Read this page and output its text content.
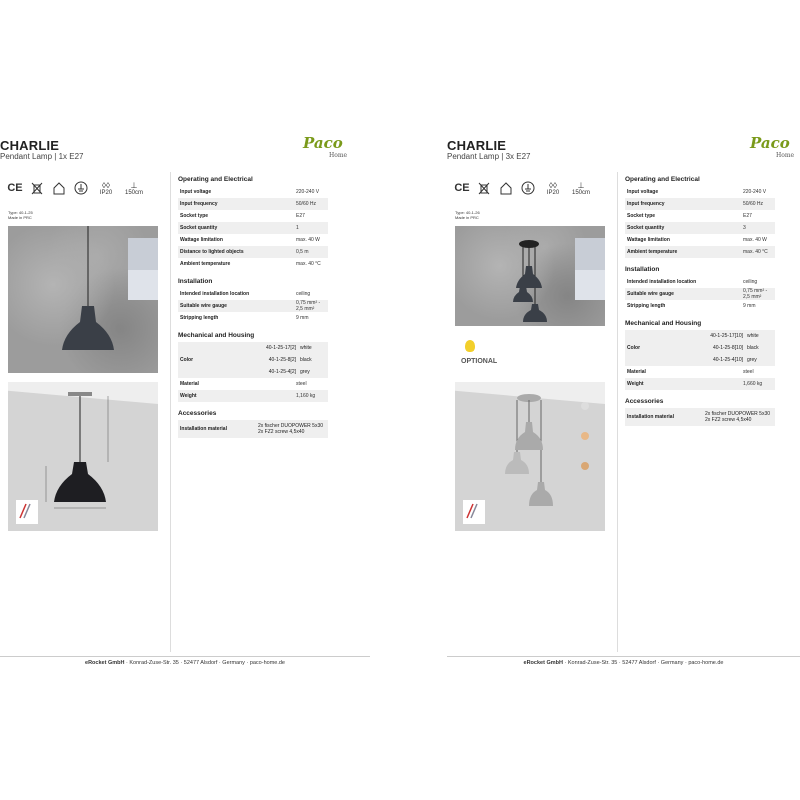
CHARLIE
Pendant Lamp | 1x E27
Paco
Home
CE	◊◊
IP20
⊥
150cm
Type: 40-1-25
Made in PRC
Operating and Electrical
Input voltage	220-240 V
Input frequency	50/60 Hz
Socket type	E27
Socket quantity	1
Wattage limitation	max. 40 W
Distance to lighted objects	0,5 m
Ambient temperature	max. 40 °C
Installation
Intended installation location	ceiling
Suitable wire gauge	0,75 mm² - 2,5 mm²
Stripping length	9 mm
Mechanical and Housing
Color
40-1-25-17[2] white
40-1-25-8[2] black
40-1-25-4[2] grey
Material	steel
Weight	1,160 kg
Accessories
Installation material	2x fischer DUOPOWER 5x30
2x FZ2 screw 4,5x40
eRocket GmbH · Konrad-Zuse-Str. 35 · 52477 Alsdorf · Germany · paco-home.de
CHARLIE
Pendant Lamp | 3x E27
Paco
Home
CE	◊◊
IP20
⊥
150cm
Type: 40-1-26
Made in PRC
OPTIONAL
Operating and Electrical
Input voltage	220-240 V
Input frequency	50/60 Hz
Socket type	E27
Socket quantity	3
Wattage limitation	max. 40 W
Ambient temperature	max. 40 °C
Installation
Intended installation location	ceiling
Suitable wire gauge	0,75 mm² - 2,5 mm²
Stripping length	9 mm
Mechanical and Housing
Color
40-1-25-17[10] white
40-1-25-8[10] black
40-1-25-4[10] grey
Material	steel
Weight	1,660 kg
Accessories
Installation material	2x fischer DUOPOWER 5x30
2x FZ2 screw 4,5x40
eRocket GmbH · Konrad-Zuse-Str. 35 · 52477 Alsdorf · Germany · paco-home.de
